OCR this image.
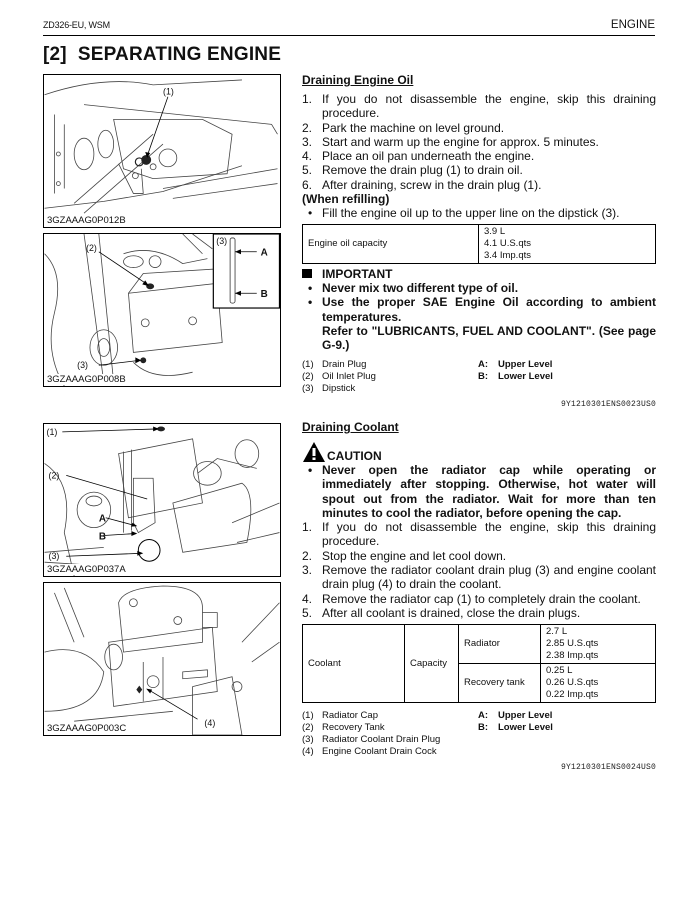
ZD326-EU, WSM	ENGINE
[2] SEPARATING ENGINE
(1)
3GZAAAG0P012B
(2)
(3)
(3)
A
B
3GZAAAG0P008B
(1)
(2)
A
B
(3)
3GZAAAG0P037A
(4)
3GZAAAG0P003C
Draining Engine Oil
1. If you do not disassemble the engine, skip this draining procedure.
2. Park the machine on level ground.
3. Start and warm up the engine for approx. 5 minutes.
4. Place an oil pan underneath the engine.
5. Remove the drain plug (1) to drain oil.
6. After draining, screw in the drain plug (1).
(When refilling)
• Fill the engine oil up to the upper line on the dipstick (3).
Engine oil capacity	
3.9 L
4.1 U.S.qts
3.4 Imp.qts
IMPORTANT
• Never mix two different type of oil.
• Use the proper SAE Engine Oil according to ambient temperatures.
Refer to "LUBRICANTS, FUEL AND COOLANT". (See page G-9.)
(1) Drain Plug
(2) Oil Inlet Plug
(3) Dipstick
A:	Upper Level
B:	Lower Level
9Y1210301ENS0023US0
Draining Coolant
CAUTION
• Never open the radiator cap while operating or immediately after stopping. Otherwise, hot water will spout out from the radiator. Wait for more than ten minutes to cool the radiator, before opening the cap.
1. If you do not disassemble the engine, skip this draining procedure.
2. Stop the engine and let cool down.
3. Remove the radiator coolant drain plug (3) and engine coolant drain plug (4) to drain the coolant.
4. Remove the radiator cap (1) to completely drain the coolant.
5. After all coolant is drained, close the drain plugs.
Coolant	Capacity	Radiator	2.7 L
2.85 U.S.qts
2.38 Imp.qts

		Recovery tank	0.25 L
0.26 U.S.qts
0.22 Imp.qts
(1) Radiator Cap
(2) Recovery Tank
(3) Radiator Coolant Drain Plug
(4) Engine Coolant Drain Cock
A:	Upper Level
B:	Lower Level
9Y1210301ENS0024US0
